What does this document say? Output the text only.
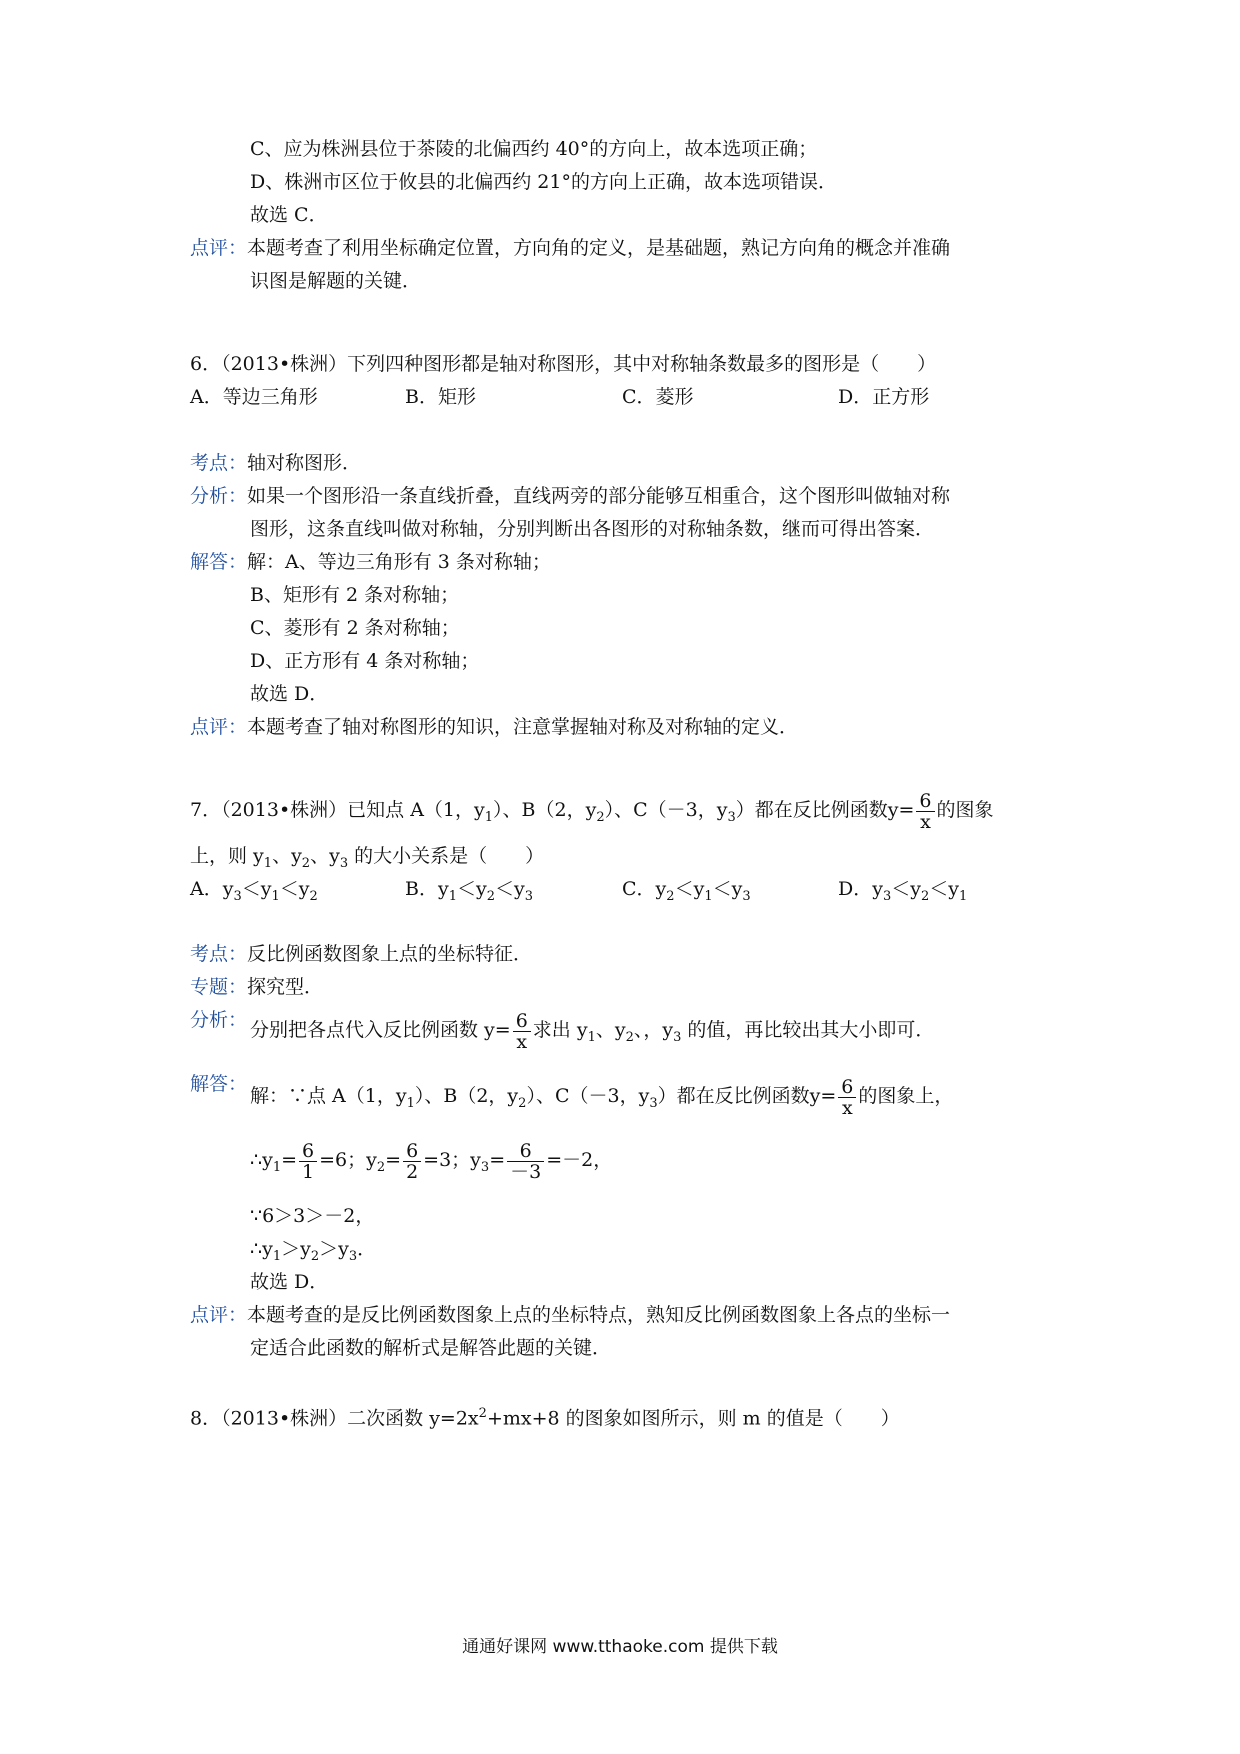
C、应为株洲县位于茶陵的北偏西约 40°的方向上，故本选项正确；
D、株洲市区位于攸县的北偏西约 21°的方向上正确，故本选项错误．
故选 C．
点评：本题考查了利用坐标确定位置，方向角的定义，是基础题，熟记方向角的概念并准确
识图是解题的关键．
6．（2013•株洲）下列四种图形都是轴对称图形，其中对称轴条数最多的图形是（　　）
A．等边三角形	B．矩形	C．菱形	D．正方形
考点：轴对称图形．
分析：如果一个图形沿一条直线折叠，直线两旁的部分能够互相重合，这个图形叫做轴对称
图形，这条直线叫做对称轴，分别判断出各图形的对称轴条数，继而可得出答案．
解答：解：A、等边三角形有 3 条对称轴；
B、矩形有 2 条对称轴；
C、菱形有 2 条对称轴；
D、正方形有 4 条对称轴；
故选 D．
点评：本题考查了轴对称图形的知识，注意掌握轴对称及对称轴的定义．
7．（2013•株洲）已知点 A（1，$y_1$）、B（2，$y_2$）、C（－3，$y_3$）都在反比例函数$y= \frac{6}{x}$ 的图象
上，则 $y_1$、$y_2$、$y_3$ 的大小关系是（　　）
A．$y_3<y_1<y_2$	B．$y_1<y_2<y_3$	C．$y_2<y_1<y_3$	D．$y_3<y_2<y_1$
考点：反比例函数图象上点的坐标特征．
专题：探究型．
分析： 分别把各点代入反比例函数 $y= \frac{6}{x}$ 求出 $y_1$、$y_2$、，$y_3$ 的值，再比较出其大小即可．
解答：
解：∵点 A（1，$y_1$）、B（2，$y_2$）、C（－3，$y_3$）都在反比例函数$y= \frac{6}{x}$ 的图象上，
$\therefore y_1= \frac{6}{1} =6$；$y_2= \frac{6}{2} =3$；$y_3= \frac{6}{-3} =-2$，
∵6＞3＞－2，
$\therefore y_1>y_2>y_3$．
故选 D．
点评：本题考查的是反比例函数图象上点的坐标特点，熟知反比例函数图象上各点的坐标一
定适合此函数的解析式是解答此题的关键．
8．（2013•株洲）二次函数 $y=2x^2+mx+8$ 的图象如图所示，则 m 的值是（　　）
通通好课网 www.tthaoke.com 提供下载
